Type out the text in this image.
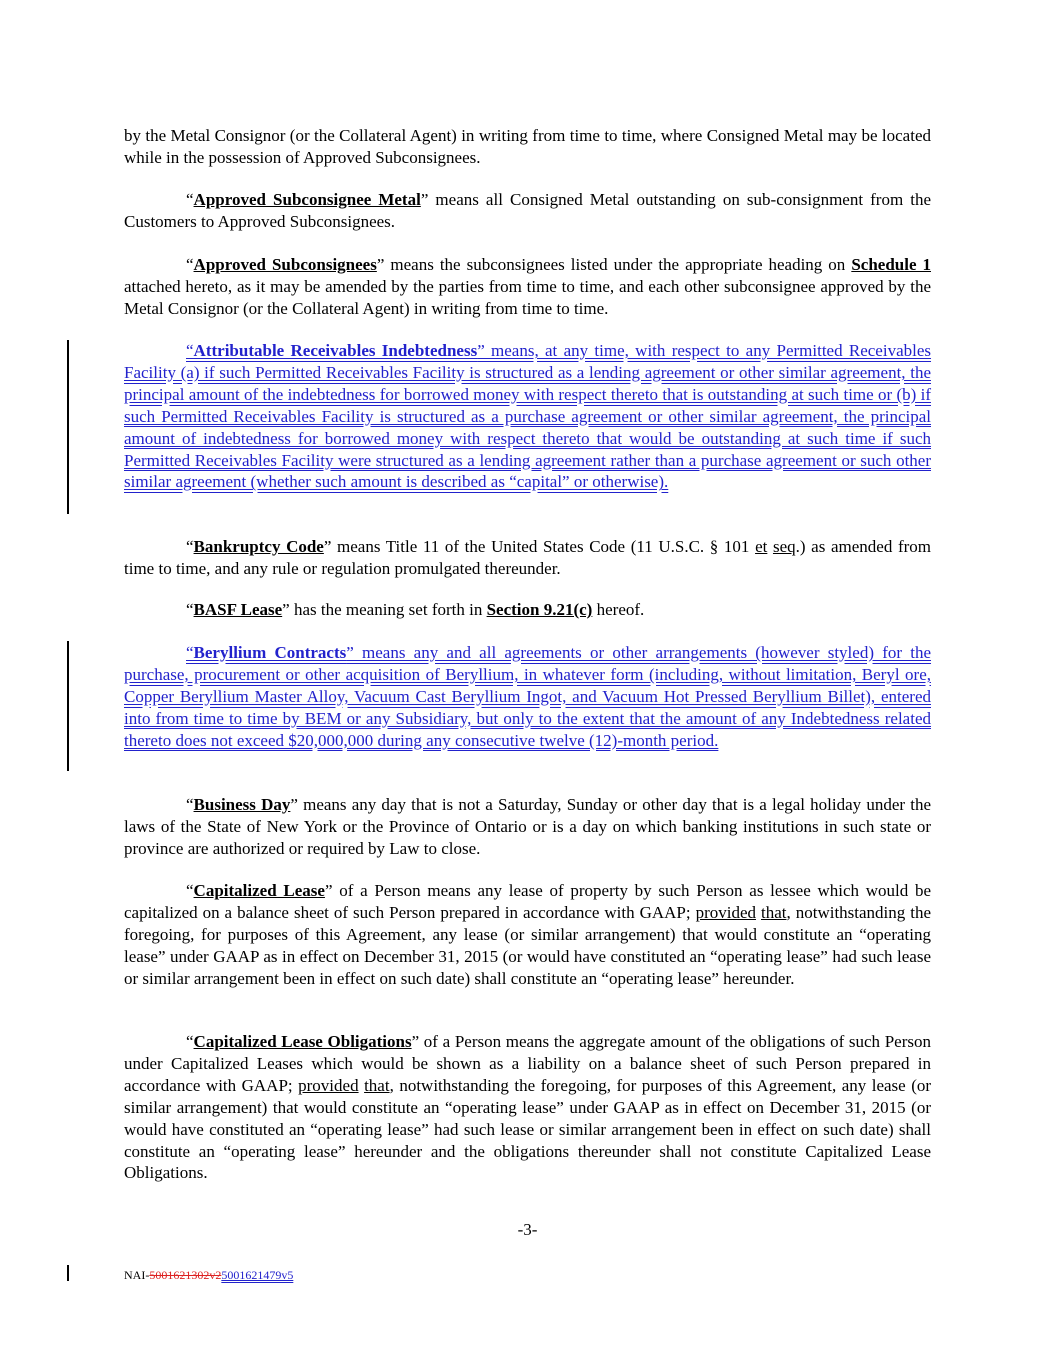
by the Metal Consignor (or the Collateral Agent) in writing from time to time, where Consigned Metal may be located while in the possession of Approved Subconsignees.

“Approved Subconsignee Metal” means all Consigned Metal outstanding on sub-consignment from the Customers to Approved Subconsignees.

“Approved Subconsignees” means the subconsignees listed under the appropriate heading on Schedule 1 attached hereto, as it may be amended by the parties from time to time, and each other subconsignee approved by the Metal Consignor (or the Collateral Agent) in writing from time to time.

“Attributable Receivables Indebtedness” means, at any time, with respect to any Permitted Receivables Facility (a) if such Permitted Receivables Facility is structured as a lending agreement or other similar agreement, the principal amount of the indebtedness for borrowed money with respect thereto that is outstanding at such time or (b) if such Permitted Receivables Facility is structured as a purchase agreement or other similar agreement, the principal amount of indebtedness for borrowed money with respect thereto that would be outstanding at such time if such Permitted Receivables Facility were structured as a lending agreement rather than a purchase agreement or such other similar agreement (whether such amount is described as “capital” or otherwise).

“Bankruptcy Code” means Title 11 of the United States Code (11 U.S.C. § 101 et seq.) as amended from time to time, and any rule or regulation promulgated thereunder.

“BASF Lease” has the meaning set forth in Section 9.21(c) hereof.

“Beryllium Contracts” means any and all agreements or other arrangements (however styled) for the purchase, procurement or other acquisition of Beryllium, in whatever form (including, without limitation, Beryl ore, Copper Beryllium Master Alloy, Vacuum Cast Beryllium Ingot, and Vacuum Hot Pressed Beryllium Billet), entered into from time to time by BEM or any Subsidiary, but only to the extent that the amount of any Indebtedness related thereto does not exceed $20,000,000 during any consecutive twelve (12)-month period.

“Business Day” means any day that is not a Saturday, Sunday or other day that is a legal holiday under the laws of the State of New York or the Province of Ontario or is a day on which banking institutions in such state or province are authorized or required by Law to close.

“Capitalized Lease” of a Person means any lease of property by such Person as lessee which would be capitalized on a balance sheet of such Person prepared in accordance with GAAP; provided that, notwithstanding the foregoing, for purposes of this Agreement, any lease (or similar arrangement) that would constitute an “operating lease” under GAAP as in effect on December 31, 2015 (or would have constituted an “operating lease” had such lease or similar arrangement been in effect on such date) shall constitute an “operating lease” hereunder.

“Capitalized Lease Obligations” of a Person means the aggregate amount of the obligations of such Person under Capitalized Leases which would be shown as a liability on a balance sheet of such Person prepared in accordance with GAAP; provided that, notwithstanding the foregoing, for purposes of this Agreement, any lease (or similar arrangement) that would constitute an “operating lease” under GAAP as in effect on December 31, 2015 (or would have constituted an “operating lease” had such lease or similar arrangement been in effect on such date) shall constitute an “operating lease” hereunder and the obligations thereunder shall not constitute Capitalized Lease Obligations.

-3-
NAI-5001621302v25001621479v5
